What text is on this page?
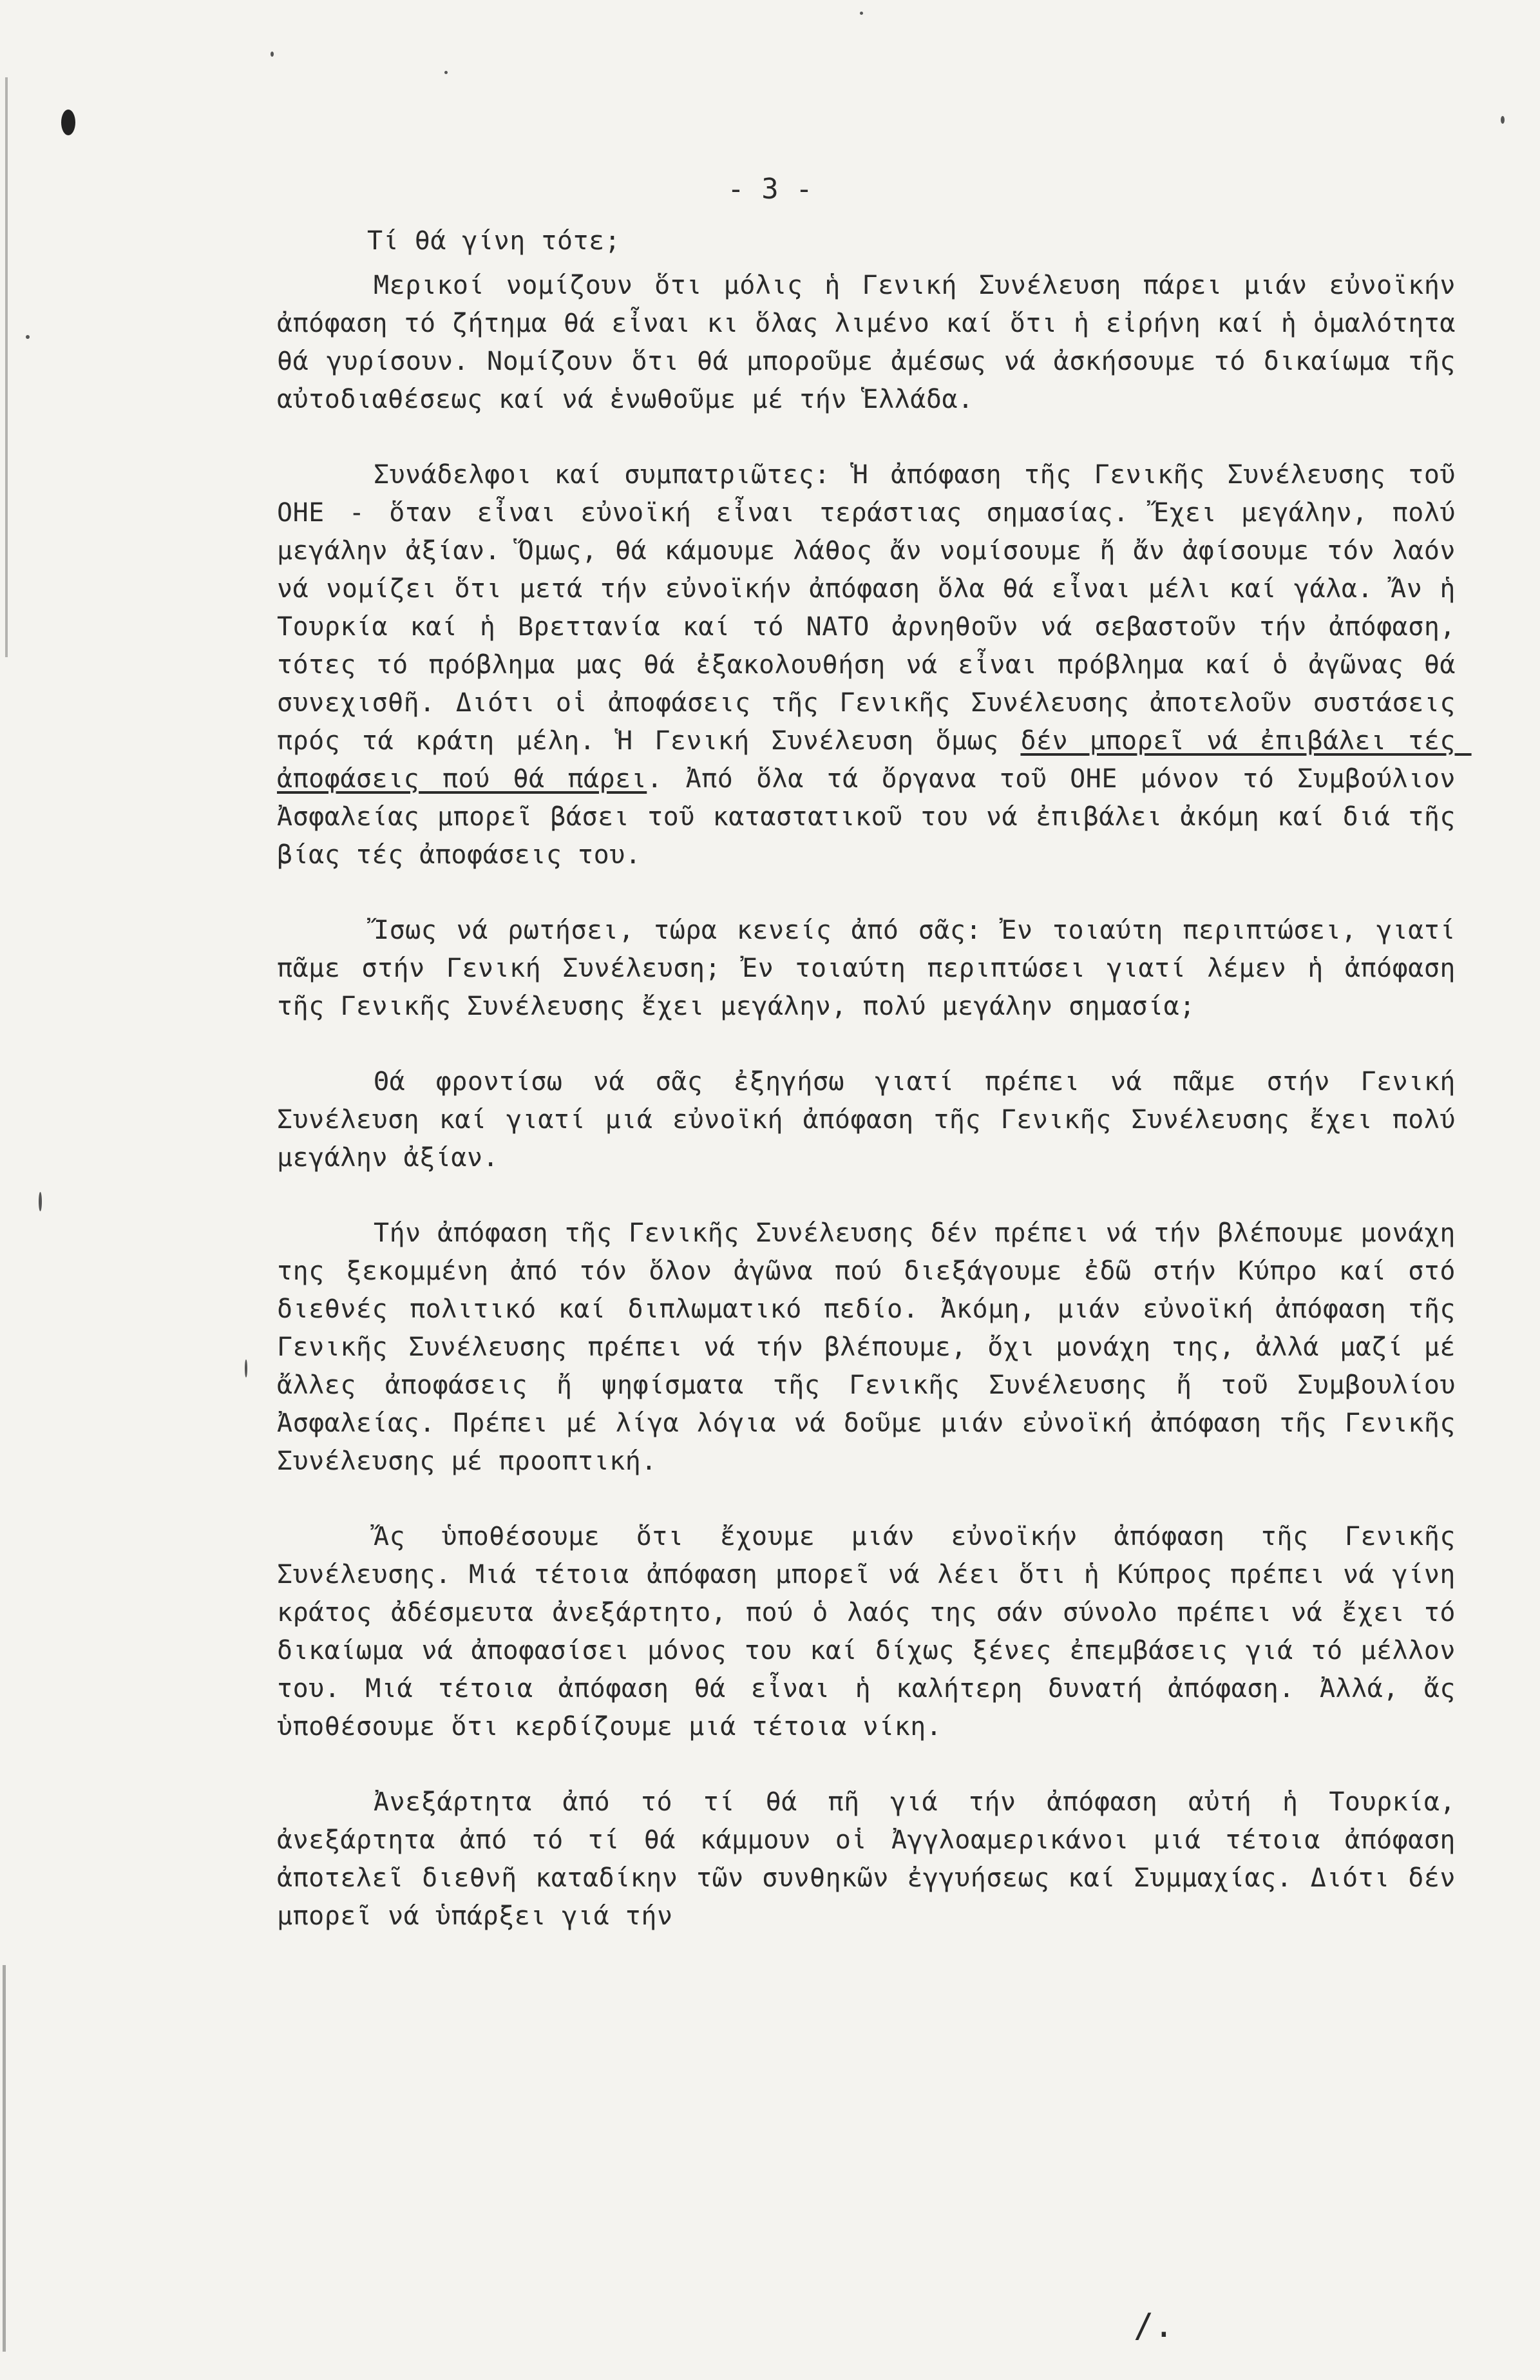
- 3 -

Τί θά γίνη τότε;

Μερικοί νομίζουν ὅτι μόλις ἡ Γενική Συνέλευση πάρει μιάν εὐνοϊκήν ἀπόφαση τό ζήτημα θά εἶναι κι ὅλας λιμένο καί ὅτι ἡ εἰρήνη καί ἡ ὁμαλότητα θά γυρίσουν. Νομίζουν ὅτι θά μποροῦμε ἀμέσως νά ἀσκήσουμε τό δικαίωμα τῆς αὐτοδιαθέσεως καί νά ἑνωθοῦμε μέ τήν Ἑλλάδα.

Συνάδελφοι καί συμπατριῶτες: Ἡ ἀπόφαση τῆς Γενικῆς Συνέλευσης τοῦ ΟΗΕ - ὅταν εἶναι εὐνοϊκή εἶναι τεράστιας σημασίας. Ἔχει μεγάλην, πολύ μεγάλην ἀξίαν. Ὅμως, θά κάμουμε λάθος ἄν νομίσουμε ἤ ἄν ἀφίσουμε τόν λαόν νά νομίζει ὅτι μετά τήν εὐνοϊκήν ἀπόφαση ὅλα θά εἶναι μέλι καί γάλα. Ἄν ἡ Τουρκία καί ἡ Βρεττανία καί τό ΝΑΤΟ ἀρνηθοῦν νά σεβαστοῦν τήν ἀπόφαση, τότες τό πρόβλημα μας θά ἐξακολουθήση νά εἶναι πρόβλημα καί ὁ ἀγῶνας θά συνεχισθῆ. Διότι οἱ ἀποφάσεις τῆς Γενικῆς Συνέλευσης ἀποτελοῦν συστάσεις πρός τά κράτη μέλη. Ἡ Γενική Συνέλευση ὅμως δέν μπορεῖ νά ἐπιβάλει τές ἀποφάσεις πού θά πάρει. Ἀπό ὅλα τά ὄργανα τοῦ ΟΗΕ μόνον τό Συμβούλιον Ἀσφαλείας μπορεῖ βάσει τοῦ καταστατικοῦ του νά ἐπιβάλει ἀκόμη καί διά τῆς βίας τές ἀποφάσεις του.

Ἴσως νά ρωτήσει, τώρα κενείς ἀπό σᾶς: Ἐν τοιαύτη περιπτώσει, γιατί πᾶμε στήν Γενική Συνέλευση; Ἐν τοιαύτη περιπτώσει γιατί λέμεν ἡ ἀπόφαση τῆς Γενικῆς Συνέλευσης ἔχει μεγάλην, πολύ μεγάλην σημασία;

Θά φροντίσω νά σᾶς ἐξηγήσω γιατί πρέπει νά πᾶμε στήν Γενική Συνέλευση καί γιατί μιά εὐνοϊκή ἀπόφαση τῆς Γενικῆς Συνέλευσης ἔχει πολύ μεγάλην ἀξίαν.

Τήν ἀπόφαση τῆς Γενικῆς Συνέλευσης δέν πρέπει νά τήν βλέπουμε μονάχη της ξεκομμένη ἀπό τόν ὅλον ἀγῶνα πού διεξάγουμε ἐδῶ στήν Κύπρο καί στό διεθνές πολιτικό καί διπλωματικό πεδίο. Ἀκόμη, μιάν εὐνοϊκή ἀπόφαση τῆς Γενικῆς Συνέλευσης πρέπει νά τήν βλέπουμε, ὄχι μονάχη της, ἀλλά μαζί μέ ἄλλες ἀποφάσεις ἤ ψηφίσματα τῆς Γενικῆς Συνέλευσης ἤ τοῦ Συμβουλίου Ἀσφαλείας. Πρέπει μέ λίγα λόγια νά δοῦμε μιάν εὐνοϊκή ἀπόφαση τῆς Γενικῆς Συνέλευσης μέ προοπτική.

Ἄς ὑποθέσουμε ὅτι ἔχουμε μιάν εὐνοϊκήν ἀπόφαση τῆς Γενικῆς Συνέλευσης. Μιά τέτοια ἀπόφαση μπορεῖ νά λέει ὅτι ἡ Κύπρος πρέπει νά γίνη κράτος ἀδέσμευτα ἀνεξάρτητο, πού ὁ λαός της σάν σύνολο πρέπει νά ἔχει τό δικαίωμα νά ἀποφασίσει μόνος του καί δίχως ξένες ἐπεμβάσεις γιά τό μέλλον του. Μιά τέτοια ἀπόφαση θά εἶναι ἡ καλήτερη δυνατή ἀπόφαση. Ἀλλά, ἄς ὑποθέσουμε ὅτι κερδίζουμε μιά τέτοια νίκη.

Ἀνεξάρτητα ἀπό τό τί θά πῆ γιά τήν ἀπόφαση αὐτή ἡ Τουρκία, ἀνεξάρτητα ἀπό τό τί θά κάμμουν οἱ Ἀγγλοαμερικάνοι μιά τέτοια ἀπόφαση ἀποτελεῖ διεθνῆ καταδίκην τῶν συνθηκῶν ἐγγυήσεως καί Συμμαχίας. Διότι δέν μπορεῖ νά ὑπάρξει γιά τήν

/.
